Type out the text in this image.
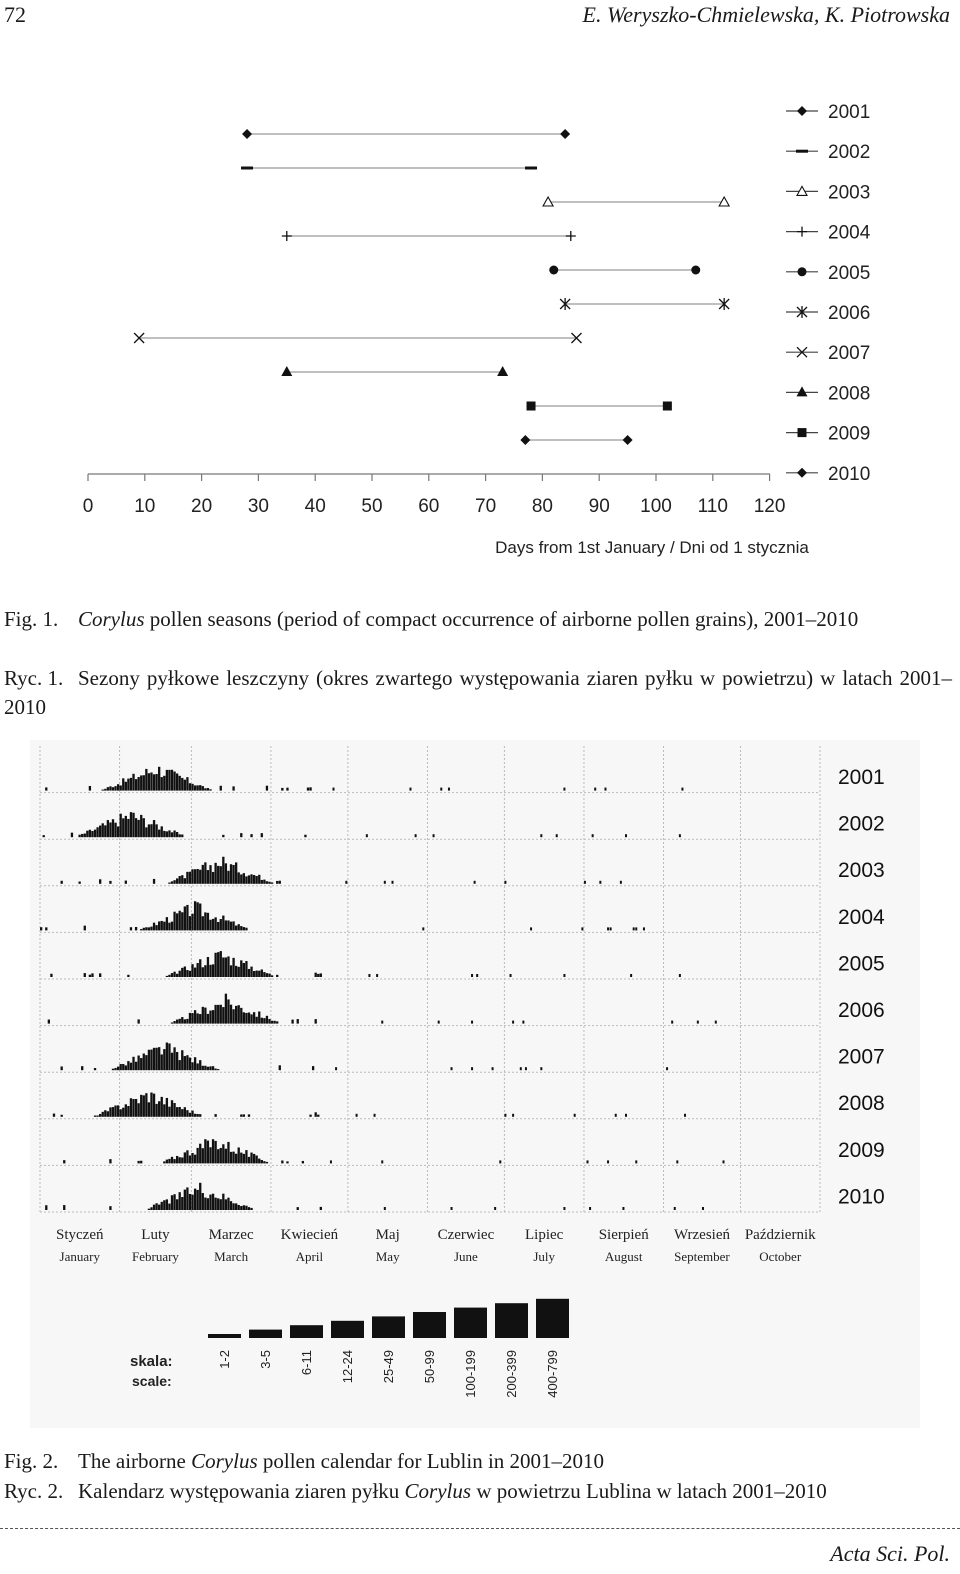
72	E. Weryszko-Chmielewska, K. Piotrowska
0 10 20 30 40 50 60 70 80 90 100 110 120
2001
2002
2003
2004
2005
2006
2007
2008
2009
2010
Days from 1st January / Dni od 1 stycznia
Fig. 1. Corylus pollen seasons (period of compact occurrence of airborne pollen grains), 2001–2010
Ryc. 1. Sezony pyłkowe leszczyny (okres zwartego występowania ziaren pyłku w powietrzu) w latach 2001–2010
2001
2002
2003
2004
2005
2006
2007
2008
2009
2010
Styczeń
January
Luty
February
Marzec
March
Kwiecień
April
Maj
May
Czerwiec
June
Lipiec
July
Sierpień
August
Wrzesień
September
Październik
October
1-2 3-5 6-11 12-24 25-49 50-99 100-199 200-399 400-799
skala:
scale:
Fig. 2. The airborne Corylus pollen calendar for Lublin in 2001–2010
Ryc. 2. Kalendarz występowania ziaren pyłku Corylus w powietrzu Lublina w latach 2001–2010
Acta Sci. Pol.
